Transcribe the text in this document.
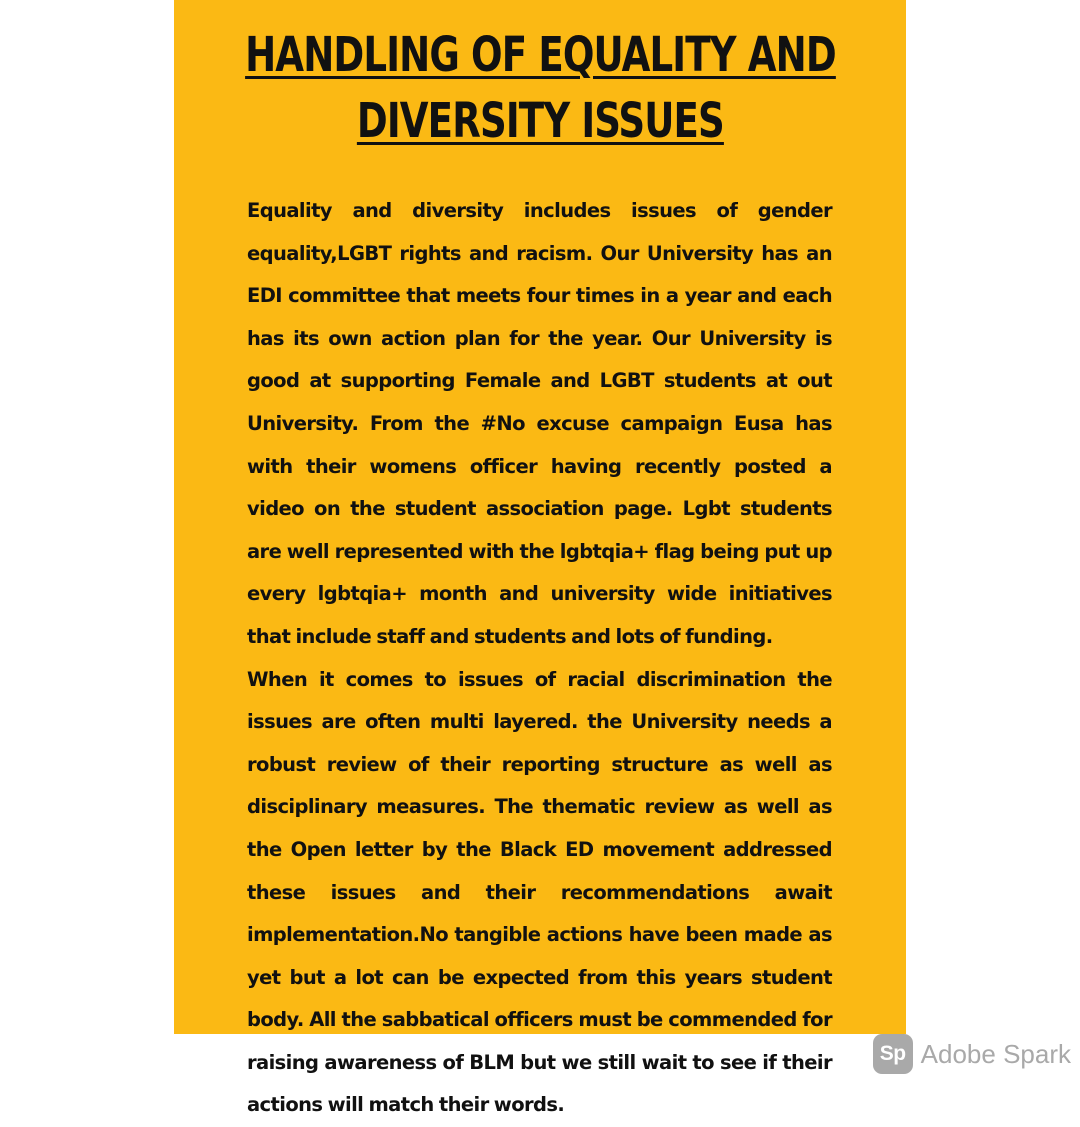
HANDLING OF EQUALITY AND
DIVERSITY ISSUES

Equality and diversity includes issues of gender equality,LGBT rights and racism. Our University has an EDI committee that meets four times in a year and each has its own action plan for the year. Our University is good at supporting Female and LGBT students at out University. From the #No excuse campaign Eusa has with their womens officer having recently posted a video on the student association page. Lgbt students are well represented with the lgbtqia+ flag being put up every lgbtqia+ month and university wide initiatives that include staff and students and lots of funding.

When it comes to issues of racial discrimination the issues are often multi layered. the University needs a robust review of their reporting structure as well as disciplinary measures. The thematic review as well as the Open letter by the Black ED movement addressed these issues and their recommendations await implementation.No tangible actions have been made as yet but a lot can be expected from this years student body. All the sabbatical officers must be commended for raising awareness of BLM but we still wait to see if their actions will match their words.

Sp Adobe Spark
